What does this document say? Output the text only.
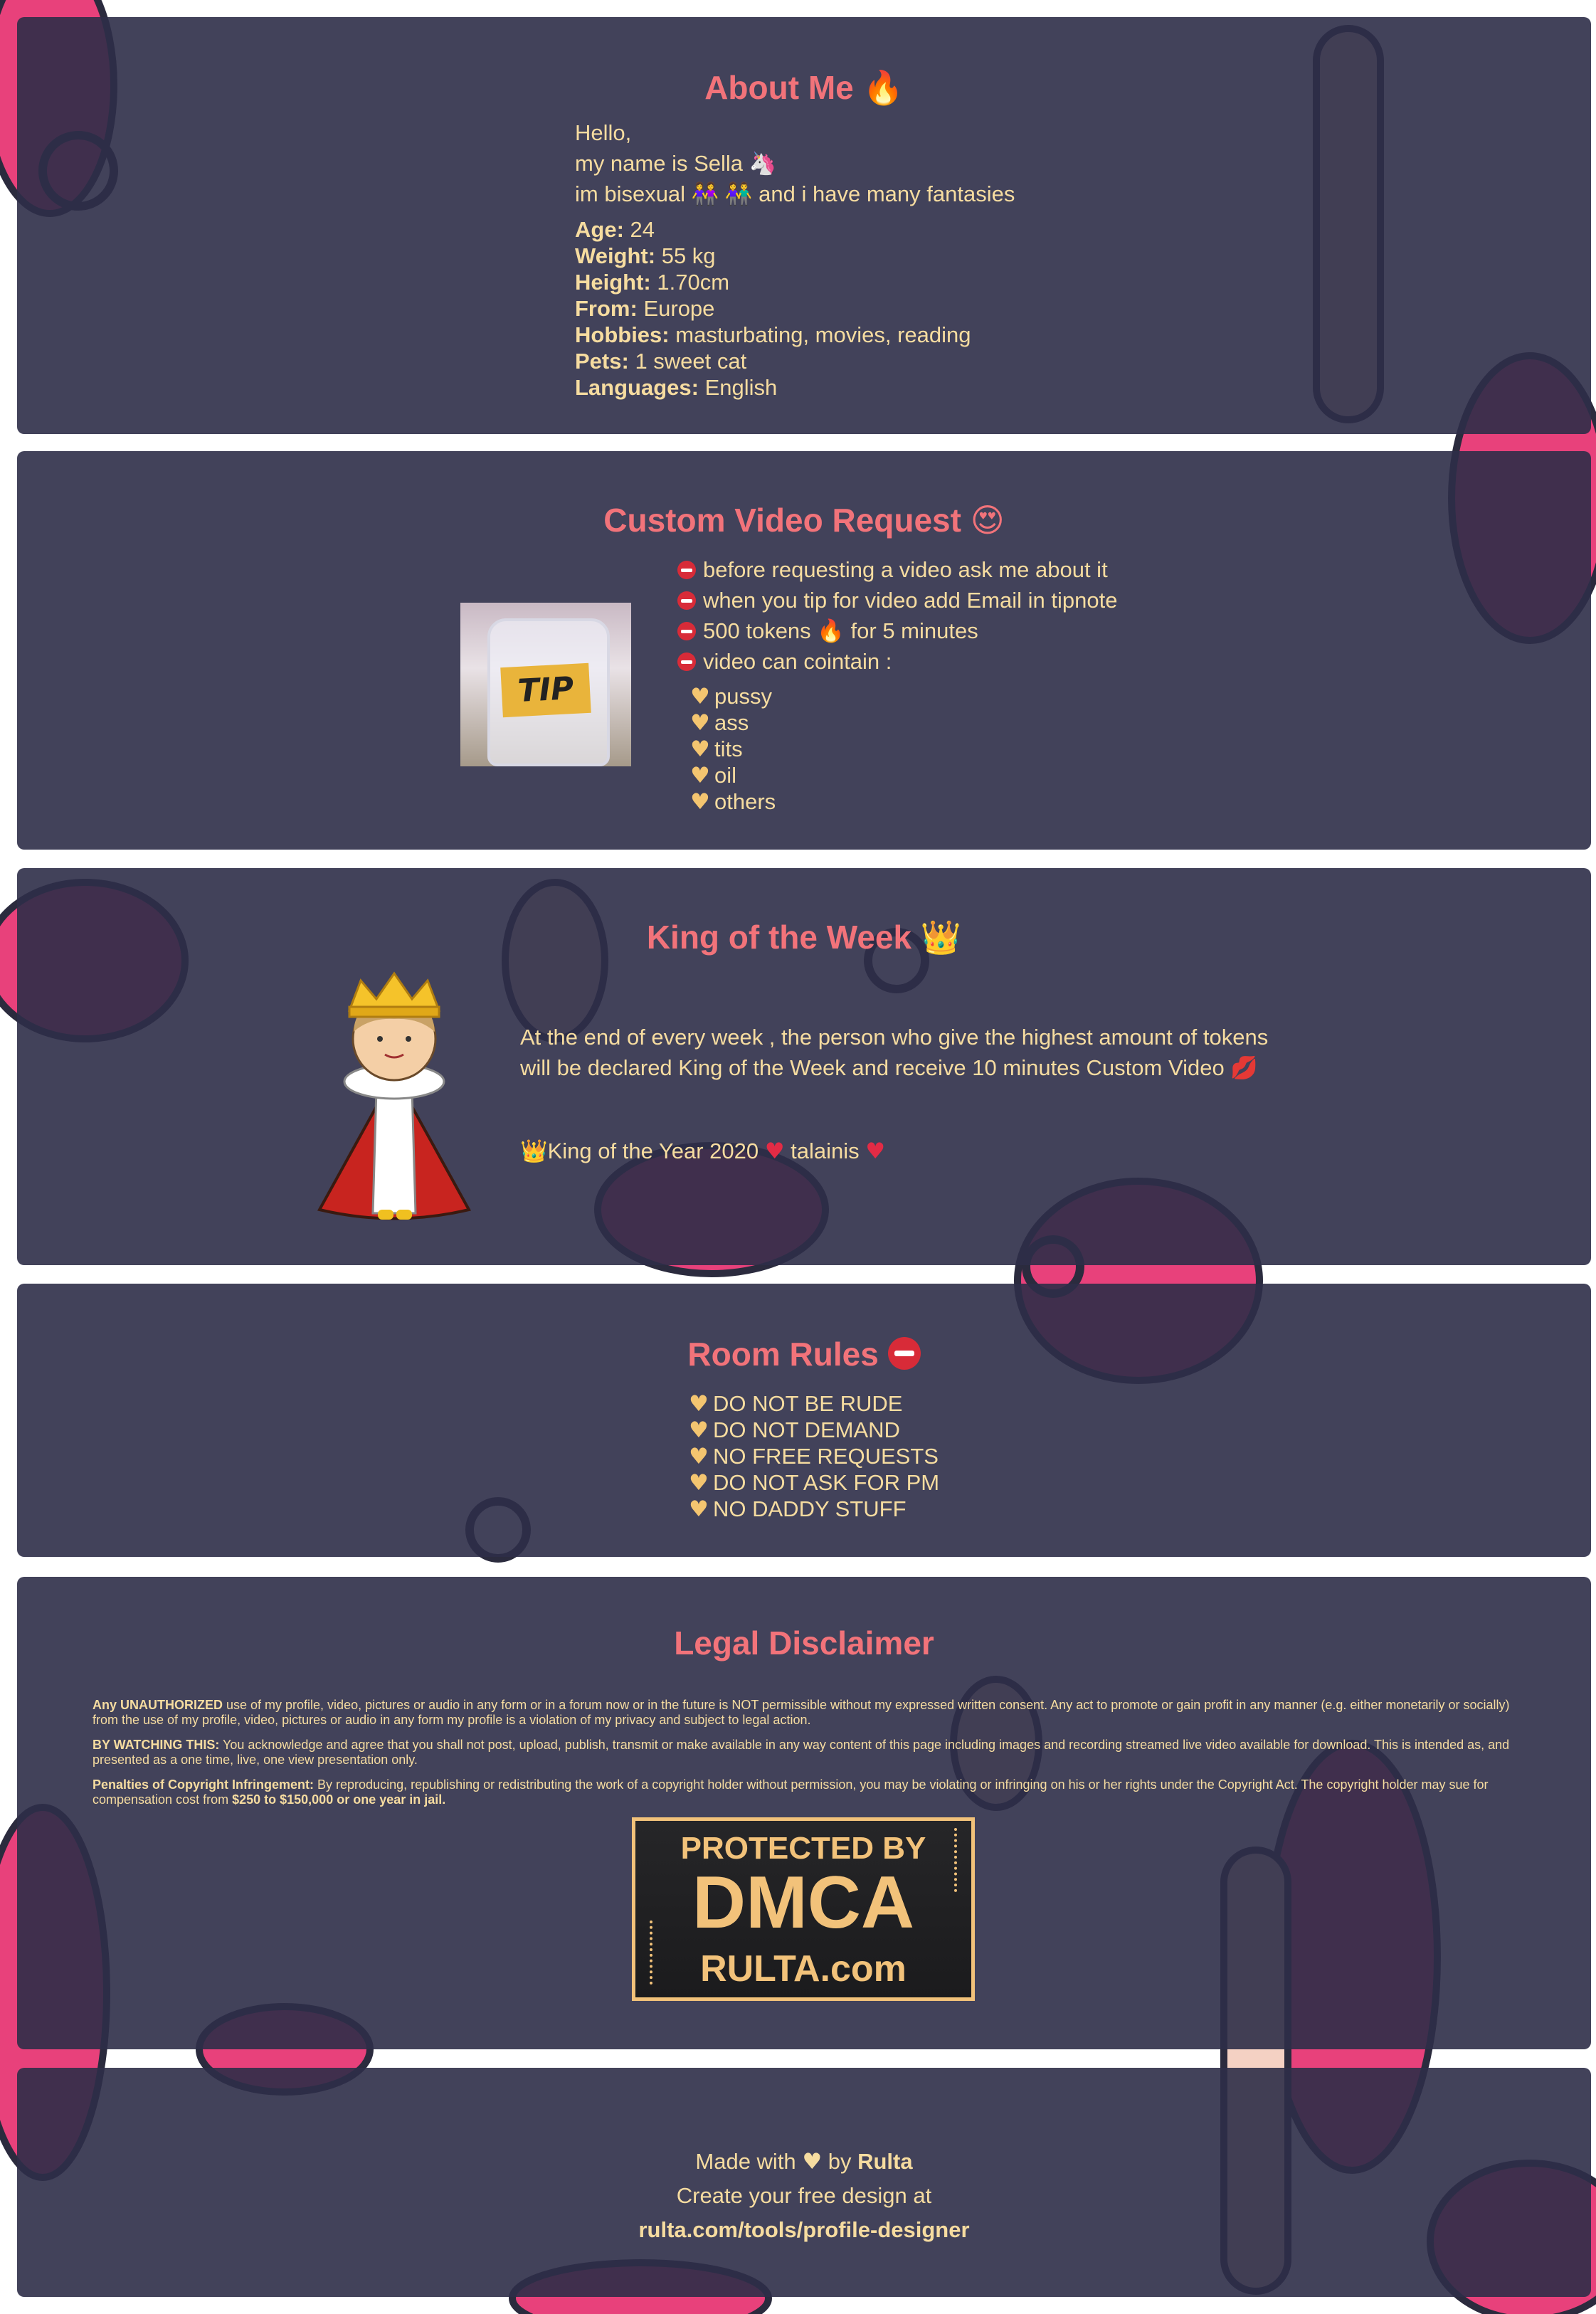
About Me 🔥
Hello,
my name is Sella 🦄
im bisexual 👭 👫 and i have many fantasies
Age: 24
Weight: 55 kg
Height: 1.70cm
From: Europe
Hobbies: masturbating, movies, reading
Pets: 1 sweet cat
Languages: English
Custom Video Request 😍
TIP
before requesting a video ask me about it
when you tip for video add Email in tipnote
500 tokens 🔥 for 5 minutes
video can cointain :
♥ pussy
♥ ass
♥ tits
♥ oil
♥ others
King of the Week 👑
At the end of every week , the person who give the highest amount of tokens
will be declared King of the Week and receive 10 minutes Custom Video 💋
👑King of the Year 2020 ♥ talainis ♥
Room Rules
♥ DO NOT BE RUDE
♥ DO NOT DEMAND
♥ NO FREE REQUESTS
♥ DO NOT ASK FOR PM
♥ NO DADDY STUFF
Legal Disclaimer
Any UNAUTHORIZED use of my profile, video, pictures or audio in any form or in a forum now or in the future is NOT permissible without my expressed written consent. Any act to promote or gain profit in any manner (e.g. either monetarily or socially) from the use of my profile, video, pictures or audio in any form my profile is a violation of my privacy and subject to legal action.
BY WATCHING THIS: You acknowledge and agree that you shall not post, upload, publish, transmit or make available in any way content of this page including images and recording streamed live video available for download. This is intended as, and presented as a one time, live, one view presentation only.
Penalties of Copyright Infringement: By reproducing, republishing or redistributing the work of a copyright holder without permission, you may be violating or infringing on his or her rights under the Copyright Act. The copyright holder may sue for compensation cost from $250 to $150,000 or one year in jail.
PROTECTED BY
DMCA
RULTA.com
Made with ♥ by Rulta
Create your free design at
rulta.com/tools/profile-designer
